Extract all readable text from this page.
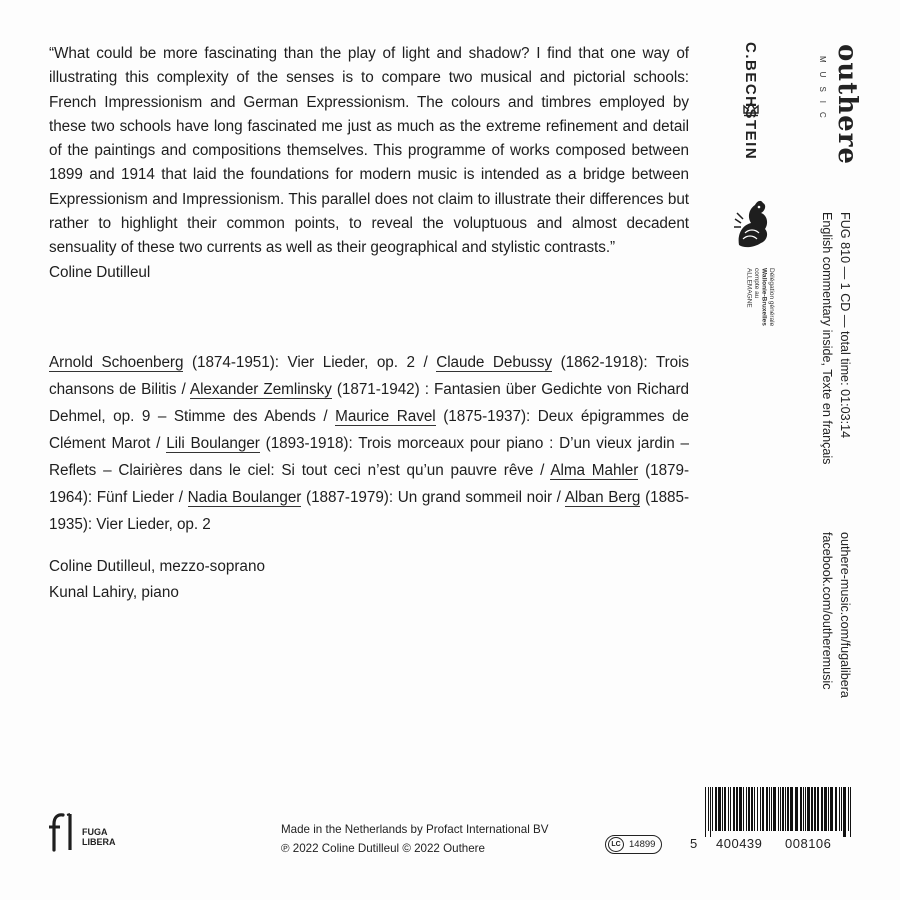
“What could be more fascinating than the play of light and shadow? I find that one way of illustrating this complexity of the senses is to compare two musical and pictorial schools: French Impressionism and German Expressionism. The colours and timbres employed by these two schools have long fascinated me just as much as the extreme refinement and detail of the paintings and compositions themselves. This programme of works composed between 1899 and 1914 that laid the foundations for modern music is intended as a bridge between Expressionism and Impressionism. This parallel does not claim to illustrate their differences but rather to highlight their common points, to reveal the voluptuous and almost decadent sensuality of these two currents as well as their geographical and stylistic contrasts.”

Coline Dutilleul

Arnold Schoenberg (1874-1951): Vier Lieder, op. 2 / Claude Debussy (1862-1918): Trois chansons de Bilitis / Alexander Zemlinsky (1871-1942) : Fantasien über Gedichte von Richard Dehmel, op. 9 – Stimme des Abends / Maurice Ravel (1875-1937): Deux épigrammes de Clément Marot / Lili Boulanger (1893-1918): Trois morceaux pour piano : D’un vieux jardin – Reflets – Clairières dans le ciel: Si tout ceci n’est qu’un pauvre rêve / Alma Mahler (1879-1964): Fünf Lieder / Nadia Boulanger (1887-1979): Un grand sommeil noir / Alban Berg (1885-1935): Vier Lieder, op. 2
Coline Dutilleul, mezzo-soprano
Kunal Lahiry, piano
outhere
MUSIC
C.BECHSTEIN
Délégation générale
Wallonie-Bruxelles
compte au
ALLEMAGNE	FUG 810 — 1 CD — total time: 01:03:14
English commentary inside, Texte en français
outhere-music.com/fugalibera
facebook.com/outheremusic
FUGA
LIBERA
Made in the Netherlands by Profact International BV
℗ 2022 Coline Dutilleul © 2022 Outhere	LC 14899	5 400439 008106
